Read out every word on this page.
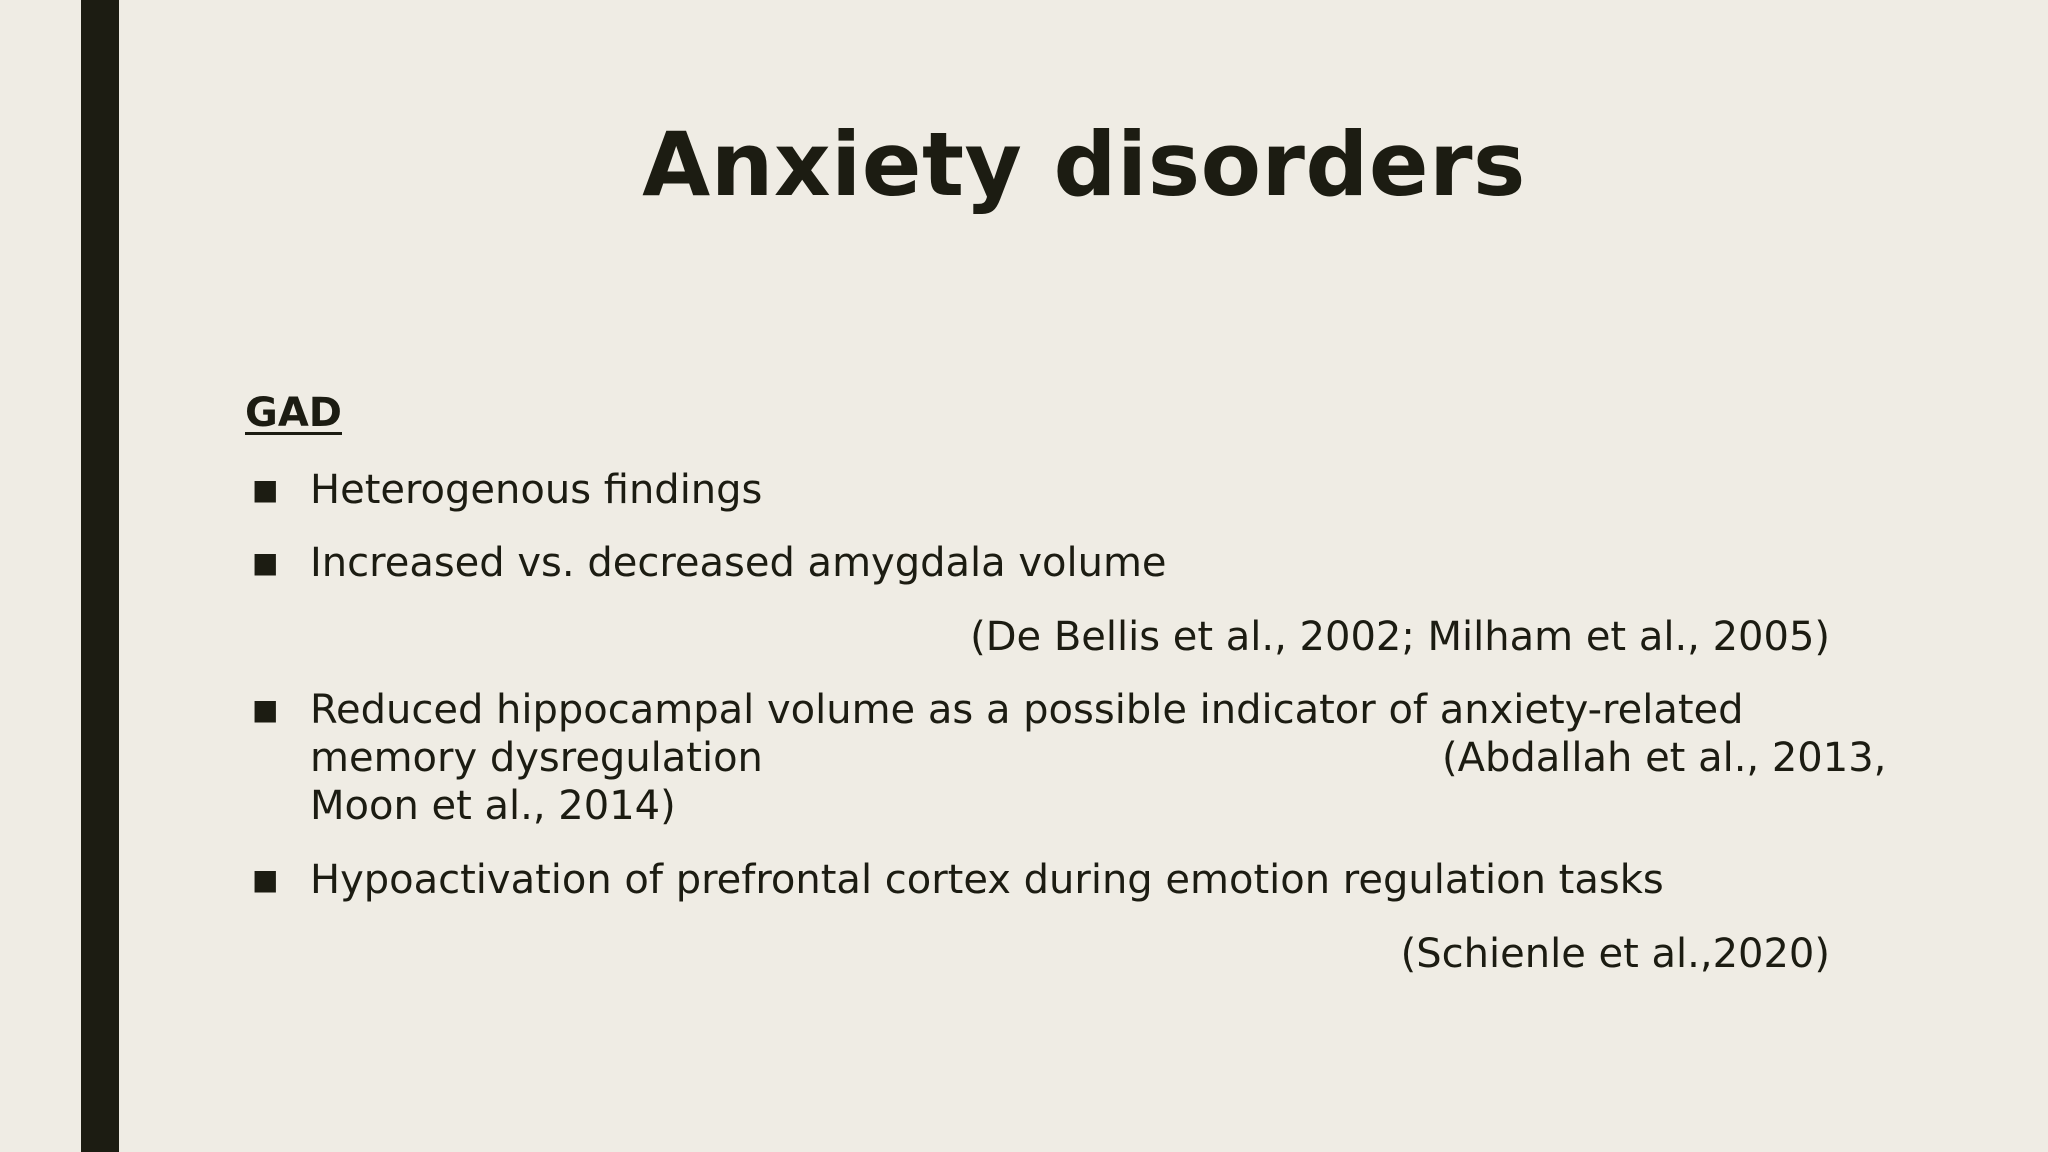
Anxiety disorders
GAD
■ Heterogenous findings
■ Increased vs. decreased amygdala volume
(De Bellis et al., 2002; Milham et al., 2005)
■ Reduced hippocampal volume as a possible indicator of anxiety-related
memory dysregulation	(Abdallah et al., 2013,
Moon et al., 2014)
■ Hypoactivation of prefrontal cortex during emotion regulation tasks
(Schienle et al.,2020)
